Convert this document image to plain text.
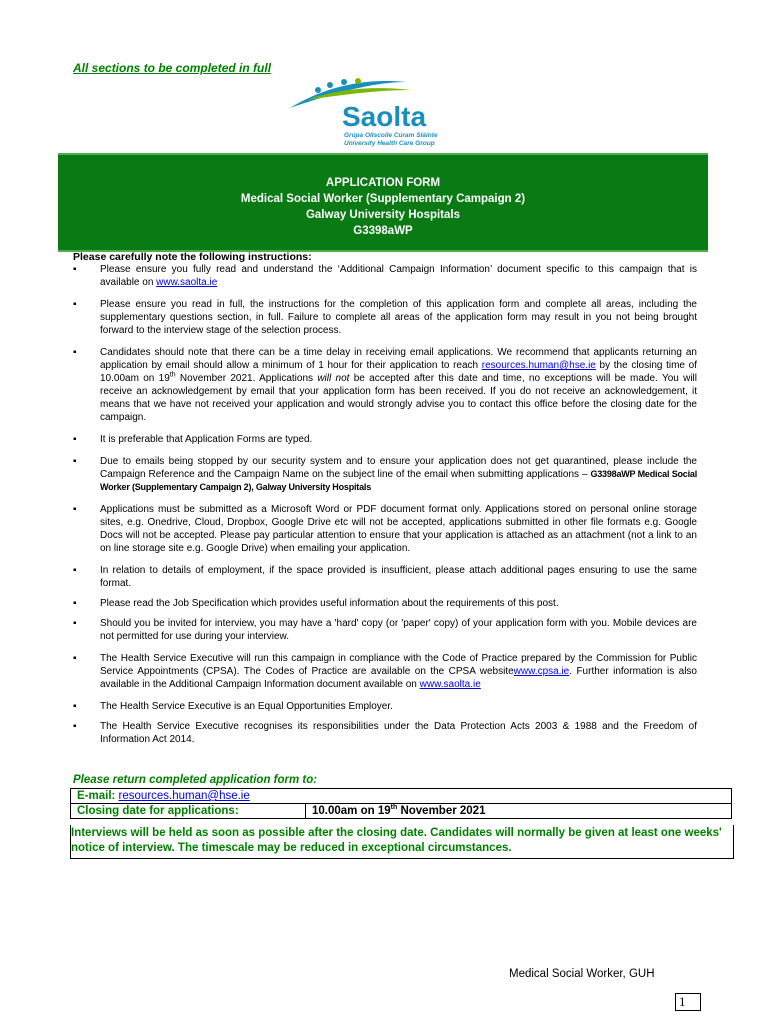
All sections to be completed in full
Saolta
Grúpa Ollscoile Cúram Sláinte
University Health Care Group
APPLICATION FORM
Medical Social Worker (Supplementary Campaign 2)
Galway University Hospitals
G3398aWP
Please carefully note the following instructions:
▪ Please ensure you fully read and understand the ‘Additional Campaign Information’ document specific to this campaign that is available on www.saolta.ie
▪ Please ensure you read in full, the instructions for the completion of this application form and complete all areas, including the supplementary questions section, in full. Failure to complete all areas of the application form may result in you not being brought forward to the interview stage of the selection process.
▪ Candidates should note that there can be a time delay in receiving email applications. We recommend that applicants returning an application by email should allow a minimum of 1 hour for their application to reach resources.human@hse.ie by the closing time of 10.00am on 19th November 2021. Applications will not be accepted after this date and time, no exceptions will be made. You will receive an acknowledgement by email that your application form has been received. If you do not receive an acknowledgement, it means that we have not received your application and would strongly advise you to contact this office before the closing date for the campaign.
▪ It is preferable that Application Forms are typed.
▪ Due to emails being stopped by our security system and to ensure your application does not get quarantined, please include the Campaign Reference and the Campaign Name on the subject line of the email when submitting applications – G3398aWP Medical Social Worker (Supplementary Campaign 2), Galway University Hospitals
▪ Applications must be submitted as a Microsoft Word or PDF document format only. Applications stored on personal online storage sites, e.g. Onedrive, Cloud, Dropbox, Google Drive etc will not be accepted, applications submitted in other file formats e.g. Google Docs will not be accepted. Please pay particular attention to ensure that your application is attached as an attachment (not a link to an on line storage site e.g. Google Drive) when emailing your application.
▪ In relation to details of employment, if the space provided is insufficient, please attach additional pages ensuring to use the same format.
▪ Please read the Job Specification which provides useful information about the requirements of this post.
▪ Should you be invited for interview, you may have a 'hard' copy (or 'paper' copy) of your application form with you. Mobile devices are not permitted for use during your interview.
▪ The Health Service Executive will run this campaign in compliance with the Code of Practice prepared by the Commission for Public Service Appointments (CPSA). The Codes of Practice are available on the CPSA websitewww.cpsa.ie. Further information is also available in the Additional Campaign Information document available on www.saolta.ie
▪ The Health Service Executive is an Equal Opportunities Employer.
▪ The Health Service Executive recognises its responsibilities under the Data Protection Acts 2003 & 1988 and the Freedom of Information Act 2014.
Please return completed application form to:
E-mail: resources.human@hse.ie
Closing date for applications:	10.00am on 19th November 2021
Interviews will be held as soon as possible after the closing date. Candidates will normally be given at least one weeks' notice of interview. The timescale may be reduced in exceptional circumstances.
Medical Social Worker, GUH
1
